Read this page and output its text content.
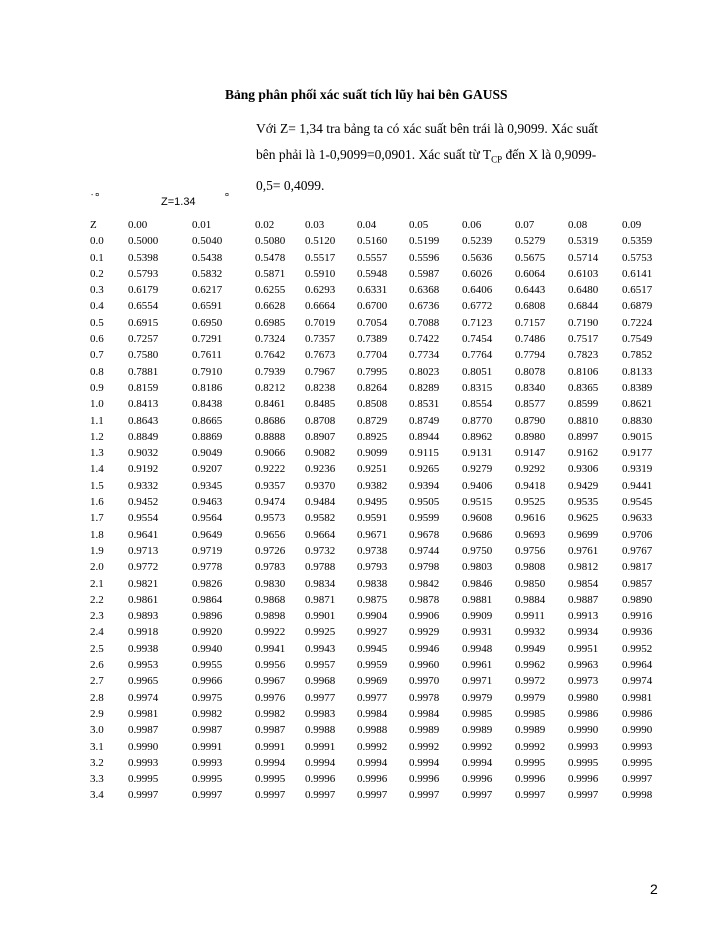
Bảng phân phối xác suất tích lũy hai bên GAUSS

Với Z= 1,34 tra bảng ta có xác suất bên trái là 0,9099. Xác suất

bên phải là 1-0,9099=0,0901. Xác suất từ $T_{CP}$ đến X là 0,9099-

0,5= 0,4099.

- ¤
Z=1.34
¤
Z	0.00	0.01	0.02	0.03	0.04	0.05	0.06	0.07	0.08	0.09
0.0	0.5000	0.5040	0.5080	0.5120	0.5160	0.5199	0.5239	0.5279	0.5319	0.5359
0.1	0.5398	0.5438	0.5478	0.5517	0.5557	0.5596	0.5636	0.5675	0.5714	0.5753
0.2	0.5793	0.5832	0.5871	0.5910	0.5948	0.5987	0.6026	0.6064	0.6103	0.6141
0.3	0.6179	0.6217	0.6255	0.6293	0.6331	0.6368	0.6406	0.6443	0.6480	0.6517
0.4	0.6554	0.6591	0.6628	0.6664	0.6700	0.6736	0.6772	0.6808	0.6844	0.6879
0.5	0.6915	0.6950	0.6985	0.7019	0.7054	0.7088	0.7123	0.7157	0.7190	0.7224
0.6	0.7257	0.7291	0.7324	0.7357	0.7389	0.7422	0.7454	0.7486	0.7517	0.7549
0.7	0.7580	0.7611	0.7642	0.7673	0.7704	0.7734	0.7764	0.7794	0.7823	0.7852
0.8	0.7881	0.7910	0.7939	0.7967	0.7995	0.8023	0.8051	0.8078	0.8106	0.8133
0.9	0.8159	0.8186	0.8212	0.8238	0.8264	0.8289	0.8315	0.8340	0.8365	0.8389
1.0	0.8413	0.8438	0.8461	0.8485	0.8508	0.8531	0.8554	0.8577	0.8599	0.8621
1.1	0.8643	0.8665	0.8686	0.8708	0.8729	0.8749	0.8770	0.8790	0.8810	0.8830
1.2	0.8849	0.8869	0.8888	0.8907	0.8925	0.8944	0.8962	0.8980	0.8997	0.9015
1.3	0.9032	0.9049	0.9066	0.9082	0.9099	0.9115	0.9131	0.9147	0.9162	0.9177
1.4	0.9192	0.9207	0.9222	0.9236	0.9251	0.9265	0.9279	0.9292	0.9306	0.9319
1.5	0.9332	0.9345	0.9357	0.9370	0.9382	0.9394	0.9406	0.9418	0.9429	0.9441
1.6	0.9452	0.9463	0.9474	0.9484	0.9495	0.9505	0.9515	0.9525	0.9535	0.9545
1.7	0.9554	0.9564	0.9573	0.9582	0.9591	0.9599	0.9608	0.9616	0.9625	0.9633
1.8	0.9641	0.9649	0.9656	0.9664	0.9671	0.9678	0.9686	0.9693	0.9699	0.9706
1.9	0.9713	0.9719	0.9726	0.9732	0.9738	0.9744	0.9750	0.9756	0.9761	0.9767
2.0	0.9772	0.9778	0.9783	0.9788	0.9793	0.9798	0.9803	0.9808	0.9812	0.9817
2.1	0.9821	0.9826	0.9830	0.9834	0.9838	0.9842	0.9846	0.9850	0.9854	0.9857
2.2	0.9861	0.9864	0.9868	0.9871	0.9875	0.9878	0.9881	0.9884	0.9887	0.9890
2.3	0.9893	0.9896	0.9898	0.9901	0.9904	0.9906	0.9909	0.9911	0.9913	0.9916
2.4	0.9918	0.9920	0.9922	0.9925	0.9927	0.9929	0.9931	0.9932	0.9934	0.9936
2.5	0.9938	0.9940	0.9941	0.9943	0.9945	0.9946	0.9948	0.9949	0.9951	0.9952
2.6	0.9953	0.9955	0.9956	0.9957	0.9959	0.9960	0.9961	0.9962	0.9963	0.9964
2.7	0.9965	0.9966	0.9967	0.9968	0.9969	0.9970	0.9971	0.9972	0.9973	0.9974
2.8	0.9974	0.9975	0.9976	0.9977	0.9977	0.9978	0.9979	0.9979	0.9980	0.9981
2.9	0.9981	0.9982	0.9982	0.9983	0.9984	0.9984	0.9985	0.9985	0.9986	0.9986
3.0	0.9987	0.9987	0.9987	0.9988	0.9988	0.9989	0.9989	0.9989	0.9990	0.9990
3.1	0.9990	0.9991	0.9991	0.9991	0.9992	0.9992	0.9992	0.9992	0.9993	0.9993
3.2	0.9993	0.9993	0.9994	0.9994	0.9994	0.9994	0.9994	0.9995	0.9995	0.9995
3.3	0.9995	0.9995	0.9995	0.9996	0.9996	0.9996	0.9996	0.9996	0.9996	0.9997
3.4	0.9997	0.9997	0.9997	0.9997	0.9997	0.9997	0.9997	0.9997	0.9997	0.9998
2
